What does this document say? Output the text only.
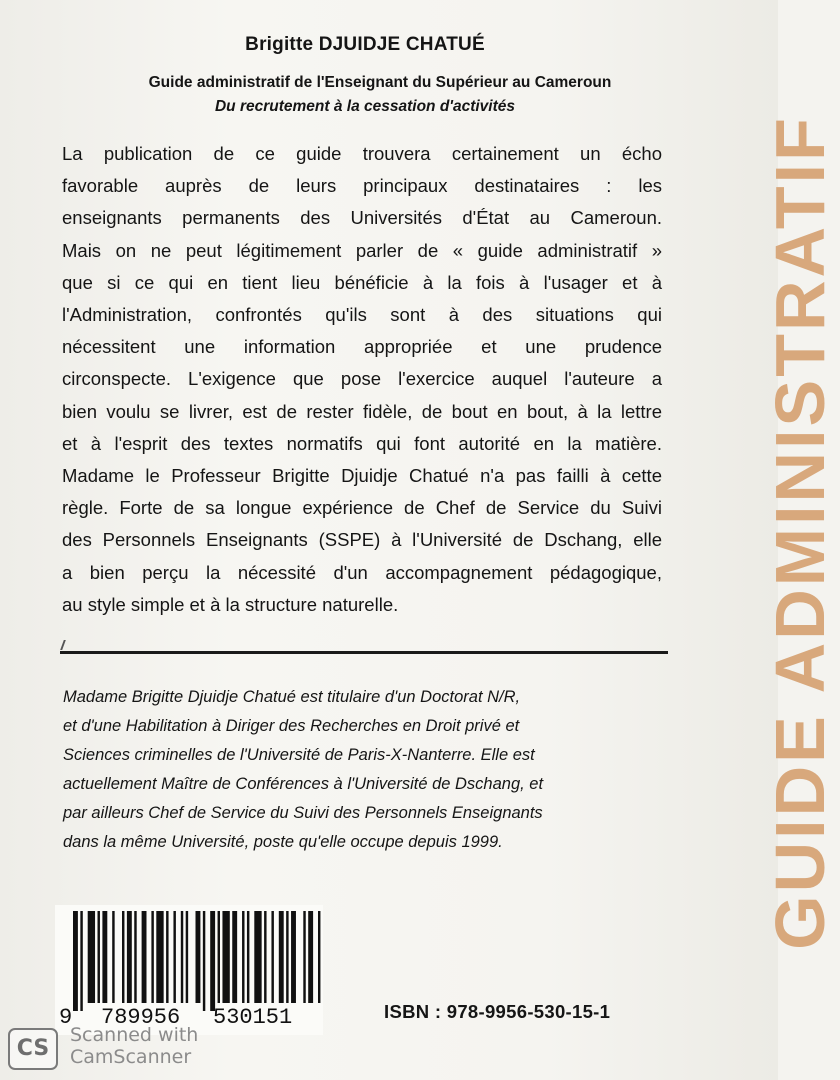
Brigitte DJUIDJE CHATUÉ
Guide administratif de l'Enseignant du Supérieur au Cameroun
Du recrutement à la cessation d'activités
La publication de ce guide trouvera certainement un écho
favorable auprès de leurs principaux destinataires : les
enseignants permanents des Universités d'État au Cameroun.
Mais on ne peut légitimement parler de « guide administratif »
que si ce qui en tient lieu bénéficie à la fois à l'usager et à
l'Administration, confrontés qu'ils sont à des situations qui
nécessitent une information appropriée et une prudence
circonspecte. L'exigence que pose l'exercice auquel l'auteure a
bien voulu se livrer, est de rester fidèle, de bout en bout, à la lettre
et à l'esprit des textes normatifs qui font autorité en la matière.
Madame le Professeur Brigitte Djuidje Chatué n'a pas failli à cette
règle. Forte de sa longue expérience de Chef de Service du Suivi
des Personnels Enseignants (SSPE) à l'Université de Dschang, elle
a bien perçu la nécessité d'un accompagnement pédagogique,
au style simple et à la structure naturelle.
Madame Brigitte Djuidje Chatué est titulaire d'un Doctorat N/R,
et d'une Habilitation à Diriger des Recherches en Droit privé et
Sciences criminelles de l'Université de Paris-X-Nanterre. Elle est
actuellement Maître de Conférences à l'Université de Dschang, et
par ailleurs Chef de Service du Suivi des Personnels Enseignants
dans la même Université, poste qu'elle occupe depuis 1999.	GUIDE ADMINISTRATIF
9 789956 530151	ISBN : 978-9956-530-15-1
CS
Scanned with
CamScanner
